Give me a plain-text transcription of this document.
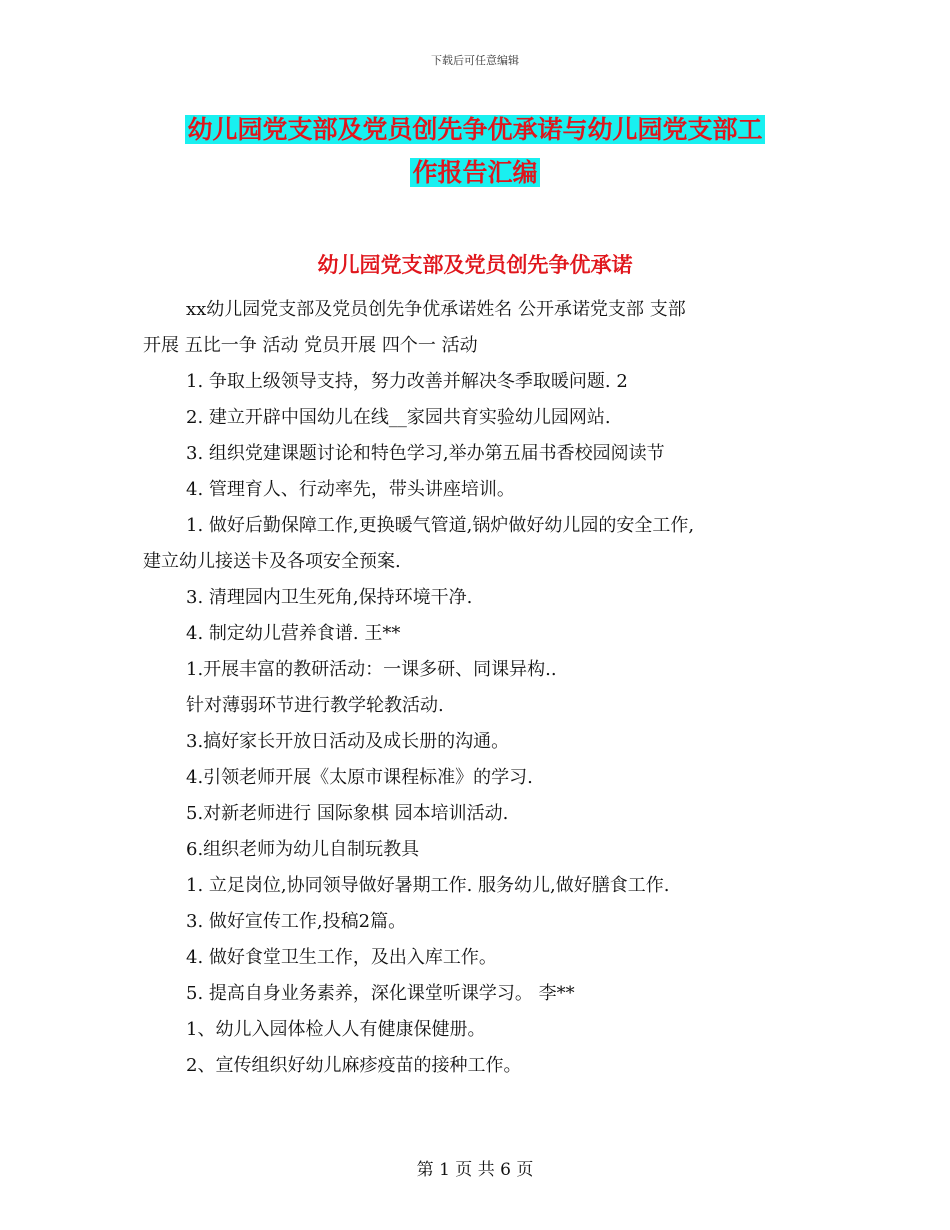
下载后可任意编辑
幼儿园党支部及党员创先争优承诺与幼儿园党支部工
作报告汇编
幼儿园党支部及党员创先争优承诺
xx幼儿园党支部及党员创先争优承诺姓名 公开承诺党支部 支部
开展 五比一争 活动 党员开展 四个一 活动
1. 争取上级领导支持，努力改善并解决冬季取暖问题. 2
2. 建立开辟中国幼儿在线__家园共育实验幼儿园网站.
3. 组织党建课题讨论和特色学习,举办第五届书香校园阅读节
4. 管理育人、行动率先，带头讲座培训。
1. 做好后勤保障工作,更换暖气管道,锅炉做好幼儿园的安全工作,
建立幼儿接送卡及各项安全预案.
3. 清理园内卫生死角,保持环境干净.
4. 制定幼儿营养食谱. 王**
1.开展丰富的教研活动：一课多研、同课异构..
针对薄弱环节进行教学轮教活动.
3.搞好家长开放日活动及成长册的沟通。
4.引领老师开展《太原市课程标准》的学习.
5.对新老师进行 国际象棋 园本培训活动.
6.组织老师为幼儿自制玩教具
1. 立足岗位,协同领导做好暑期工作. 服务幼儿,做好膳食工作.
3. 做好宣传工作,投稿2篇。
4. 做好食堂卫生工作，及出入库工作。
5. 提高自身业务素养，深化课堂听课学习。 李**
1、幼儿入园体检人人有健康保健册。
2、宣传组织好幼儿麻疹疫苗的接种工作。
第 1 页 共 6 页
